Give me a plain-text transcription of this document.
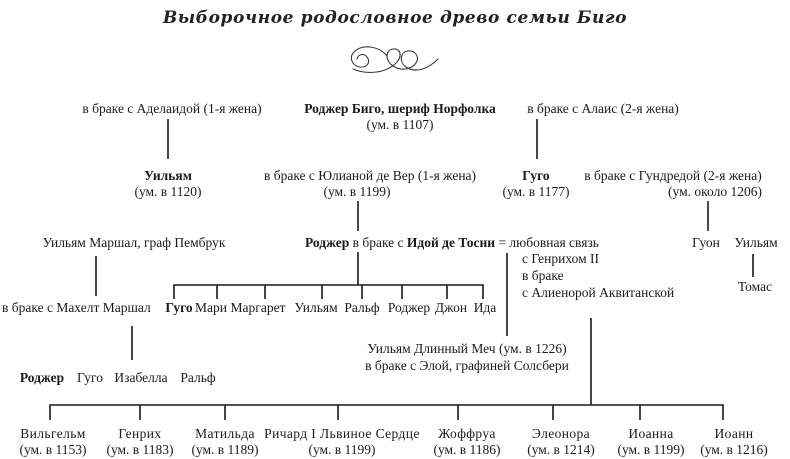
Выборочное родословное древо семьи Биго
в браке с Аделаидой (1-я жена)	Роджер Биго, шериф Норфолка
(ум. в 1107)
в браке с Алаис (2-я жена)
Уильям
(ум. в 1120)
в браке с Юлианой де Вер (1-я жена)
(ум. в 1199)
Гуго
(ум. в 1177)
в браке с Гундредой (2-я жена)
(ум. около 1206)
Уильям Маршал, граф Пембрук	Роджер в браке с Идой де Тосни = любовная связь
с Генрихом II
в браке
с Алиенорой Аквитанской
Гуон Уильям
Томас
в браке с Махелт Маршал Гуго Мари Маргарет Уильям Ральф Роджер Джон Ида
Уильям Длинный Меч (ум. в 1226)
в браке с Элой, графиней Солсбери
Роджер Гуго Изабелла Ральф
Вильгельм
(ум. в 1153)
Генрих
(ум. в 1183)
Матильда
(ум. в 1189)
Ричард I Львиное Сердце
(ум. в 1199)
Жоффруа
(ум. в 1186)
Элеонора
(ум. в 1214)
Иоанна
(ум. в 1199)
Иоанн
(ум. в 1216)
